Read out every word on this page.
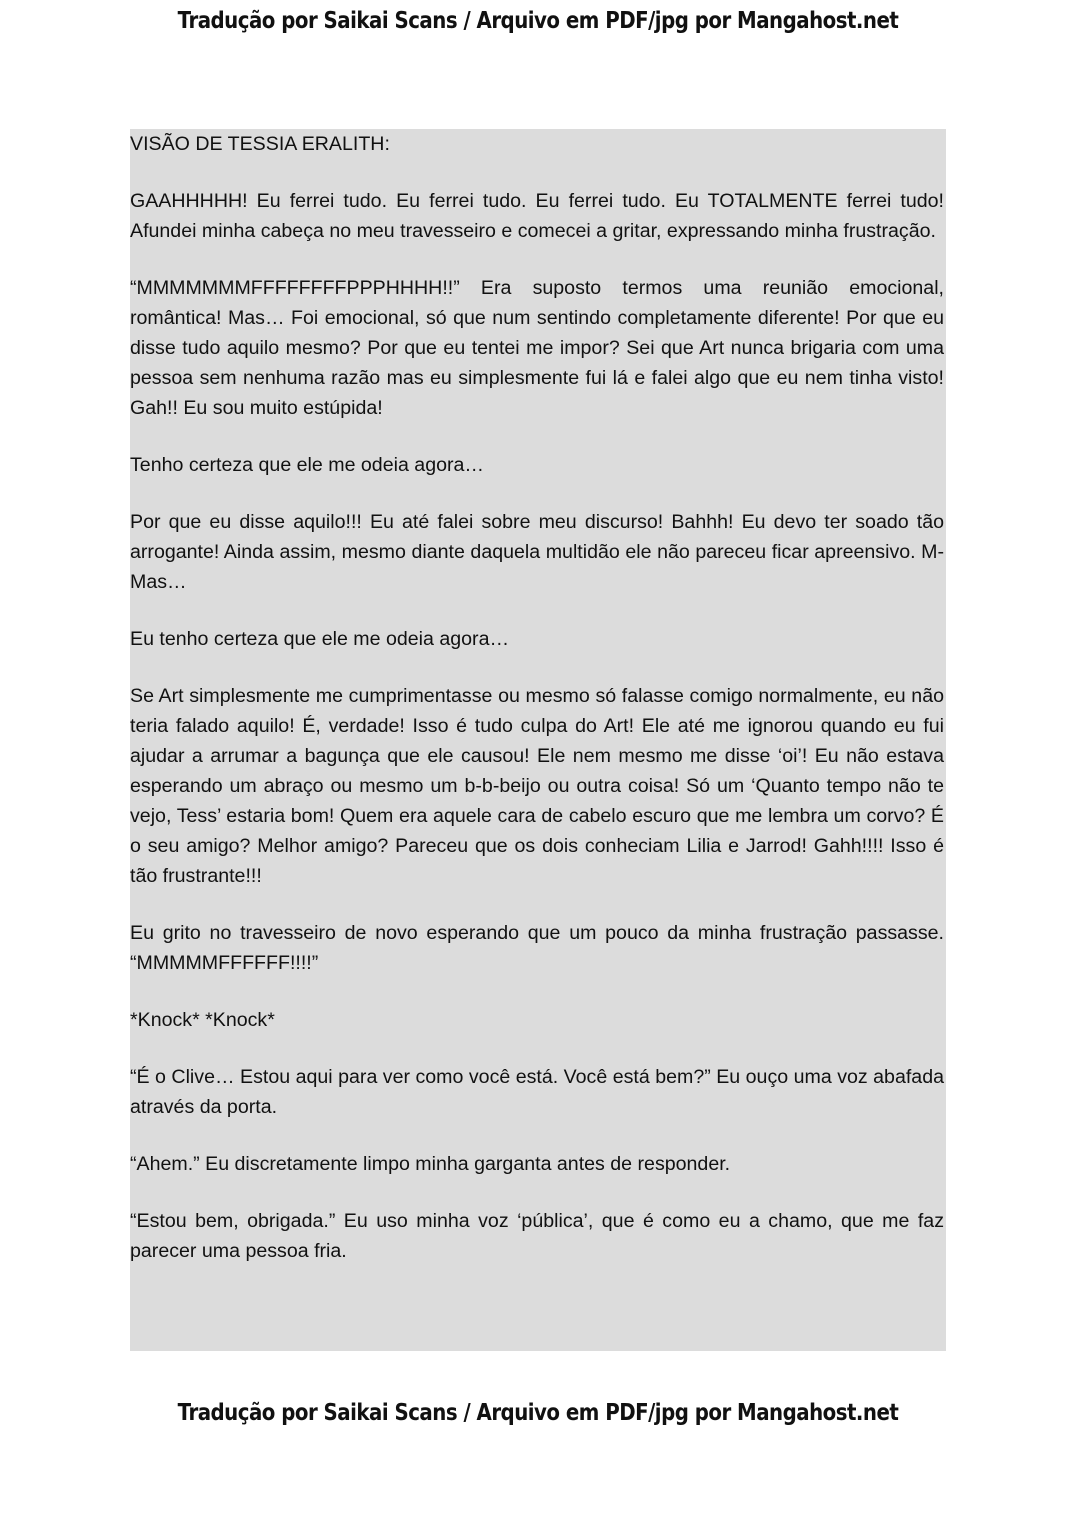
Tradução por Saikai Scans / Arquivo em PDF/jpg por Mangahost.net

VISÃO DE TESSIA ERALITH:

GAAHHHHH! Eu ferrei tudo. Eu ferrei tudo. Eu ferrei tudo. Eu TOTALMENTE ferrei tudo! Afundei minha cabeça no meu travesseiro e comecei a gritar, expressando minha frustração.

“MMMMMMMFFFFFFFFPPPHHHH!!” Era suposto termos uma reunião emocional, romântica! Mas… Foi emocional, só que num sentindo completamente diferente! Por que eu disse tudo aquilo mesmo? Por que eu tentei me impor? Sei que Art nunca brigaria com uma pessoa sem nenhuma razão mas eu simplesmente fui lá e falei algo que eu nem tinha visto! Gah!! Eu sou muito estúpida!

Tenho certeza que ele me odeia agora…

Por que eu disse aquilo!!! Eu até falei sobre meu discurso! Bahhh! Eu devo ter soado tão arrogante! Ainda assim, mesmo diante daquela multidão ele não pareceu ficar apreensivo. M-Mas…

Eu tenho certeza que ele me odeia agora…

Se Art simplesmente me cumprimentasse ou mesmo só falasse comigo normalmente, eu não teria falado aquilo! É, verdade! Isso é tudo culpa do Art! Ele até me ignorou quando eu fui ajudar a arrumar a bagunça que ele causou! Ele nem mesmo me disse ‘oi’! Eu não estava esperando um abraço ou mesmo um b-b-beijo ou outra coisa! Só um ‘Quanto tempo não te vejo, Tess’ estaria bom! Quem era aquele cara de cabelo escuro que me lembra um corvo? É o seu amigo? Melhor amigo? Pareceu que os dois conheciam Lilia e Jarrod! Gahh!!!! Isso é tão frustrante!!!

Eu grito no travesseiro de novo esperando que um pouco da minha frustração passasse. “MMMMMFFFFFF!!!!”

*Knock* *Knock*

“É o Clive… Estou aqui para ver como você está. Você está bem?” Eu ouço uma voz abafada através da porta.

“Ahem.” Eu discretamente limpo minha garganta antes de responder.

“Estou bem, obrigada.” Eu uso minha voz ‘pública’, que é como eu a chamo, que me faz parecer uma pessoa fria.

Tradução por Saikai Scans / Arquivo em PDF/jpg por Mangahost.net
